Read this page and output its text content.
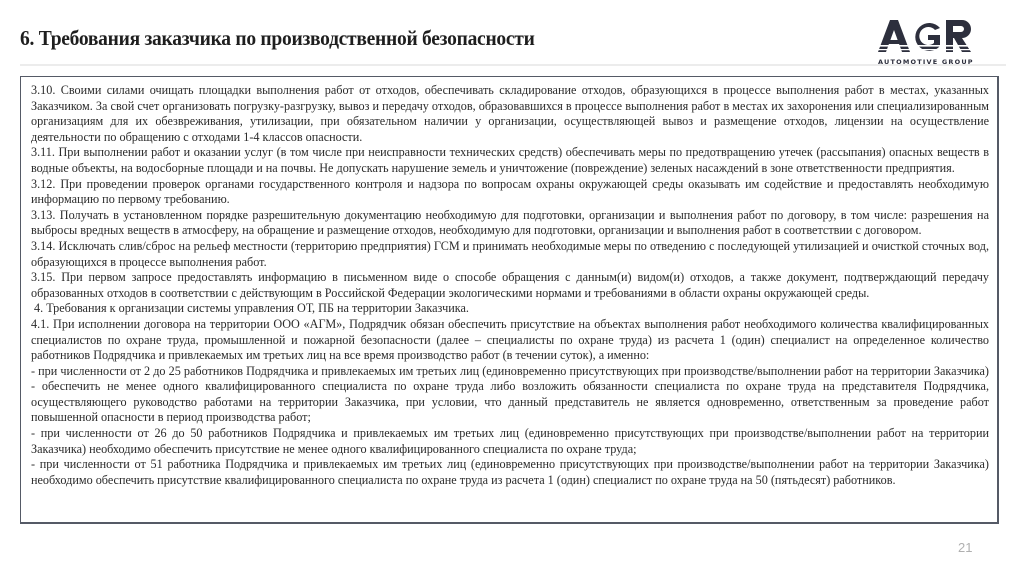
6. Требования заказчика по производственной безопасности
AUTOMOTIVE GROUP

3.10. Своими силами очищать площадки выполнения работ от отходов, обеспечивать складирование отходов, образующихся в процессе выполнения работ в местах, указанных Заказчиком. За свой счет организовать погрузку-разгрузку, вывоз и передачу отходов, образовавшихся в процессе выполнения работ в местах их захоронения или специализированным организациям для их обезвреживания, утилизации, при обязательном наличии у организации, осуществляющей вывоз и размещение отходов, лицензии на осуществление деятельности по обращению с отходами 1-4 классов опасности.

3.11. При выполнении работ и оказании услуг (в том числе при неисправности технических средств) обеспечивать меры по предотвращению утечек (рассыпания) опасных веществ в водные объекты, на водосборные площади и на почвы. Не допускать нарушение земель и уничтожение (повреждение) зеленых насаждений в зоне ответственности предприятия.

3.12. При проведении проверок органами государственного контроля и надзора по вопросам охраны окружающей среды оказывать им содействие и предоставлять необходимую информацию по первому требованию.

3.13. Получать в установленном порядке разрешительную документацию необходимую для подготовки, организации и выполнения работ по договору, в том числе: разрешения на выбросы вредных веществ в атмосферу, на обращение и размещение отходов, необходимую для подготовки, организации и выполнения работ в соответствии с договором.

3.14. Исключать слив/сброс на рельеф местности (территорию предприятия) ГСМ и принимать необходимые меры по отведению с последующей утилизацией и очисткой сточных вод, образующихся в процессе выполнения работ.

3.15. При первом запросе предоставлять информацию в письменном виде о способе обращения с данным(и) видом(и) отходов, а также документ, подтверждающий передачу образованных отходов в соответствии с действующим в Российской Федерации экологическими нормами и требованиями в области охраны окружающей среды.

4. Требования к организации системы управления ОТ, ПБ на территории Заказчика.

4.1. При исполнении договора на территории ООО «АГМ», Подрядчик обязан обеспечить присутствие на объектах выполнения работ необходимого количества квалифицированных специалистов по охране труда, промышленной и пожарной безопасности (далее – специалисты по охране труда) из расчета 1 (один) специалист на определенное количество работников Подрядчика и привлекаемых им третьих лиц на все время производство работ (в течении суток), а именно:

- при численности от 2 до 25 работников Подрядчика и привлекаемых им третьих лиц (единовременно присутствующих при производстве/выполнении работ на территории Заказчика) - обеспечить не менее одного квалифицированного специалиста по охране труда либо возложить обязанности специалиста по охране труда на представителя Подрядчика, осуществляющего руководство работами на территории Заказчика, при условии, что данный представитель не является одновременно, ответственным за проведение работ повышенной опасности в период производства работ;

- при численности от 26 до 50 работников Подрядчика и привлекаемых им третьих лиц (единовременно присутствующих при производстве/выполнении работ на территории Заказчика) необходимо обеспечить присутствие не менее одного квалифицированного специалиста по охране труда;

- при численности от 51 работника Подрядчика и привлекаемых им третьих лиц (единовременно присутствующих при производстве/выполнении работ на территории Заказчика) необходимо обеспечить присутствие квалифицированного специалиста по охране труда из расчета 1 (один) специалист по охране труда на 50 (пятьдесят) работников.

21
